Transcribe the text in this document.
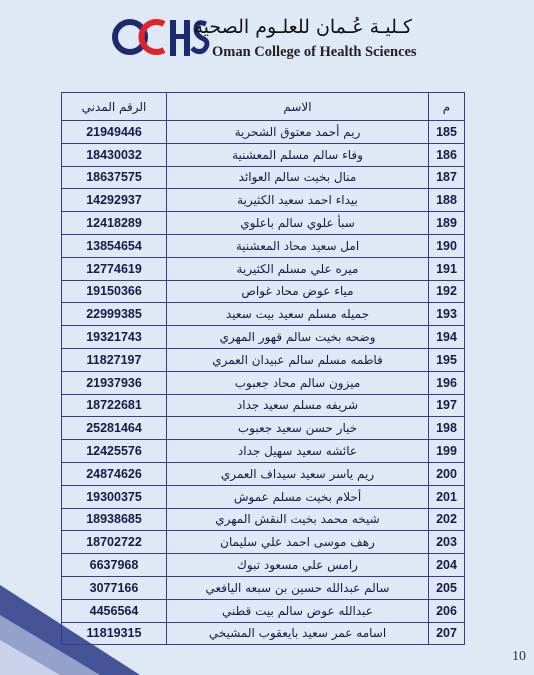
كـليـة عُـمان للعلـوم الصحية
Oman College of Health Sciences
م	الاسم	الرقم المدني
185	ريم أحمد معتوق الشحرية	21949446
186	وفاء سالم مسلم المعشنية	18430032
187	منال بخيت سالم العوائد	18637575
188	بيداء احمد سعيد الكثيرية	14292937
189	سبأ علوي سالم باعلوي	12418289
190	امل سعيد محاد المعشنية	13854654
191	ميره علي مسلم الكثيرية	12774619
192	مياء عوض محاد غواص	19150366
193	جميله مسلم سعيد بيت سعيد	22999385
194	وضحه بخيت سالم قهور المهري	19321743
195	فاطمه مسلم سالم عبيدان العمري	11827197
196	ميزون سالم محاد جعبوب	21937936
197	شريفه مسلم سعيد جداد	18722681
198	خيار حسن سعيد جعبوب	25281464
199	عائشه سعيد سهيل جداد	12425576
200	ريم ياسر سعيد سيداف العمري	24874626
201	أحلام بخيت مسلم عموش	19300375
202	شيخه محمد بخيت النقش المهري	18938685
203	رهف موسى احمد علي سليمان	18702722
204	رامس علي مسعود تبوك	6637968
205	سالم عبدالله حسين بن سبعه اليافعي	3077166
206	عبدالله عوض سالم بيت قطني	4456564
207	اسامه عمر سعيد بايعقوب المشيخي	11819315
10
